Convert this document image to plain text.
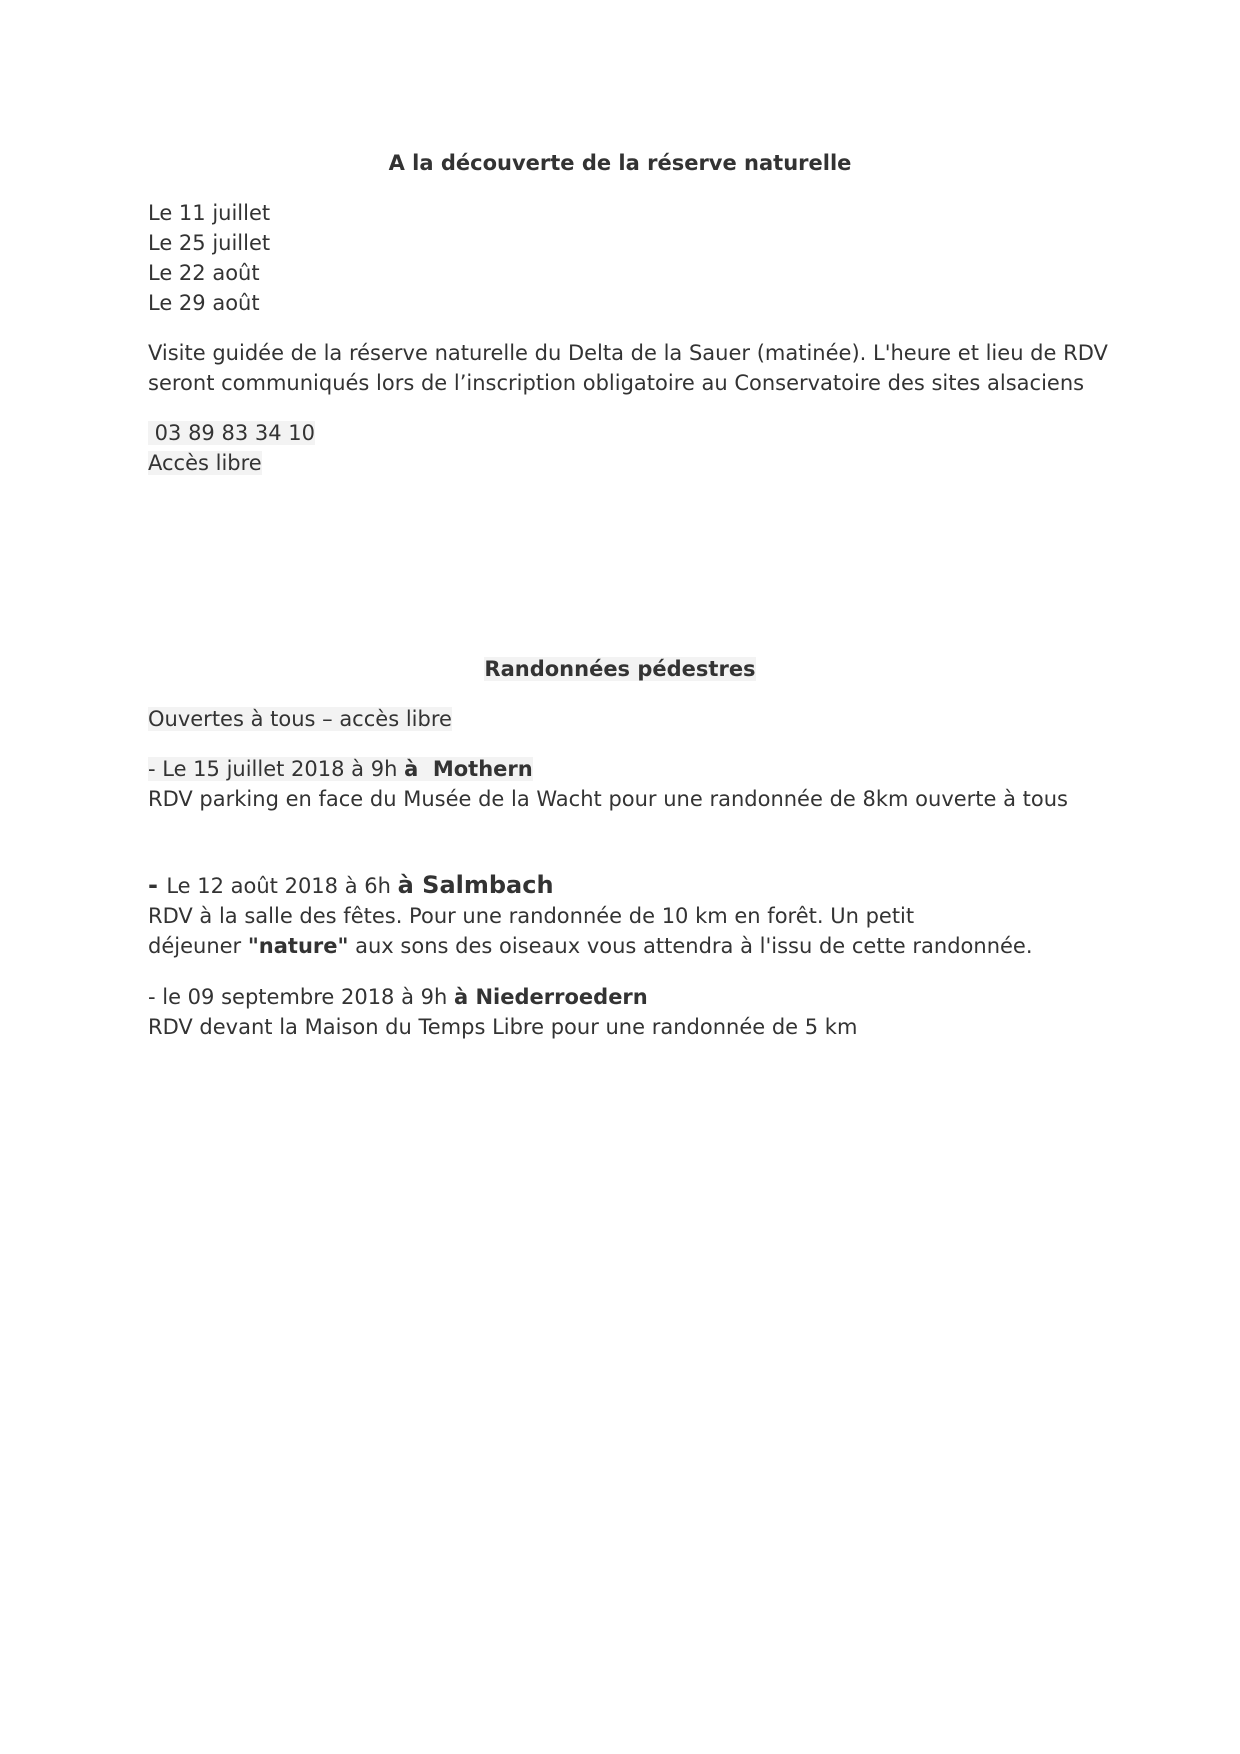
A la découverte de la réserve naturelle
Le 11 juillet
Le 25 juillet
Le 22 août
Le 29 août
Visite guidée de la réserve naturelle du Delta de la Sauer (matinée). L'heure et lieu de RDV
seront communiqués lors de l’inscription obligatoire au Conservatoire des sites alsaciens
03 89 83 34 10
Accès libre
Randonnées pédestres
Ouvertes à tous – accès libre
- Le 15 juillet 2018 à 9h à  Mothern
RDV parking en face du Musée de la Wacht pour une randonnée de 8km ouverte à tous
- Le 12 août 2018 à 6h à Salmbach
RDV à la salle des fêtes. Pour une randonnée de 10 km en forêt. Un petit
déjeuner "nature" aux sons des oiseaux vous attendra à l'issu de cette randonnée.
- le 09 septembre 2018 à 9h à Niederroedern
RDV devant la Maison du Temps Libre pour une randonnée de 5 km
